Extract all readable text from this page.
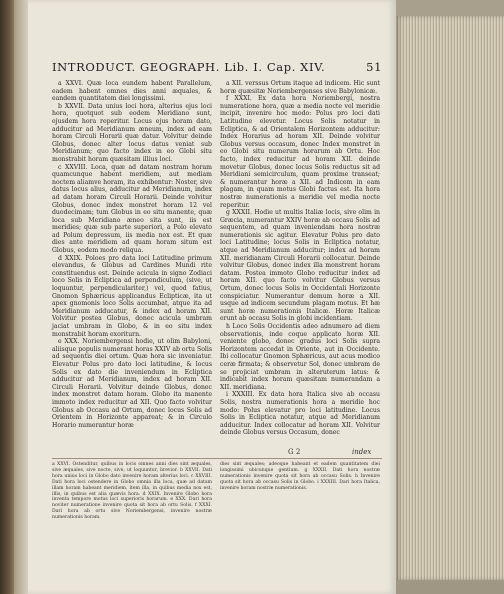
INTRODUCT. GEOGRAPH. Lib. I. Cap. XIV.	51

a XXVI. Quæ loca eundem habent Parallelum, eadem habent omnes dies anni æquales, & eandem quantitatem diei longissimi.

b XXVII. Data unius loci hora, alterius ejus loci hora, quotquot sub eodem Meridiano sunt, ejusdem hora reperitur. Locus ejus horam dato, adducitur ad Meridianum æneum, index ad eam horam Circuli Horarii quæ datur. Volvitur deinde Globus, donec alter locus datus veniat sub Meridianum; quo facto index in eo Globi situ monstrabit horam quæsitam illius loci.

c XXVIII. Loca, quæ ad datam nostram horam quamcunque habent meridiem, aut mediam noctem aliamve horam, ita exhibentur: Noster, sive datus locus alius, adducitur ad Meridianum, index ad datam horam Circuli Horarii. Deinde volvitur Globus, donec index monstret horam 12 vel duodecimam; tum Globus in eo situ manente, quæ loca sub Meridiano æneo sita sunt, iis est meridies; quæ sub parte superiori, a Polo elevato ad Polum depressum, iis media nox est. Et quæ dies ante meridiem ad quam horam situm est Globus, eodem modo reliqua.

d XXIX. Poloes pro data loci Latitudine primum elevandus, & Globus ad Cardines Mundi rite constituendus est. Deinde acicula in signo Zodiaci loco Solis in Ecliptica ad perpendiculum, (sive, ut loquuntur, perpendiculariter,) vel, quod fatius, Gnomon Sphæricus applicandus Eclipticæ, ita ut apex gnomonis loco Solis accumbat, atque ita ad Meridianum adducatur, & index ad horam XII. Volvitur postea Globus, donec acicula umbram jaciat umbram in Globo, & in eo situ index monstrabit horam exoriturn.

e XXX. Noriembergensi hodie, ut olim Babyloni, aliisque populis numerant horas XXIV ab ortu Solis ad sequentis diei ortum. Quæ hora sic inveniatur. Elevatur Polus pro dato loci latitudine, & locus Solis ex dato die inveniendum in Ecliptica adducitur ad Meridianum, index ad horam XII. Circuli Horarii. Volvitur deinde Globus, donec index monstret datam horam. Globo ita manente immoto index reducitur ad XII. Quo facto volvitur Globus ab Occasu ad Ortum, donec locus Solis ad Orientem in Horizonte appareat; & in Circulo Horario numerantur horæ

a XII. verssus Ortum itaque ad indicem. Hic sunt horæ quæsitæ Noriembergenses sive Babylonicæ.

f XXXI. Ex data hora Noriembergi, nostra numeratione hora, quæ a media nocte vel meridie incipit, invenire hoc modo: Polus pro loci dati Latitudine elevetur. Locus Solis notatur in Ecliptica, & ad Orientalem Horizontem adducitur: Index Horarius ad horam XII. Deinde volvitur Globus versus occasum, donec Index monstret in eo Globi situ numerum horarum ab Ortu. Hoc facto, index reducitur ad horam XII. deinde movetur Globus, donec locus Solis reductus sit ad Meridiani semicirculum, quam proxime transeat; & numerantur horæ a XII. ad Indicem in eam plagam, in quam motus Globi factus est. Ita hora nostræ numerationis a meridie vel media nocte reperitur.

g XXXII. Hodie ut multis Italiæ locis, sive olim in Græcia, numerantur XXIV horæ ab occasu Solis ad sequentem, ad quam inveniendam hora nostræ numerationis sic agitur. Elevatur Polus pro dato loci Latitudine; locus Solis in Ecliptica notatur, atque ad Meridianum adducitur; index ad horam XII. meridianam Circuli Horarii collocatur. Deinde volvitur Globus, donec index illa monstrent horam datam. Postea immoto Globo reducitur index ad horam XII. quo facto volvitur Globus versus Ortum, donec locus Solis in Occidentali Horizonte conspiciatur. Numerantur demum horæ a XII. usque ad indicem secundum plagam motus. Et hæ sunt horæ numerationis Italicæ. Horæ Italicæ erunt ab occasu Solis in globi incidentiam.

h Loco Solis Occidentis adeo adnumero ad diem observationis, inde coque applicato horæ XII. veniente globo, donec gradus loci Solis supra Horizontem accedat in Oriente, aut in Occidente. Ibi collocatur Gnomon Sphæricus, aut acus modico ceræ firmata; & observetur Sol, donec umbram de se projiciat umbram in alteruterum latus: & indicabit index horam quæsitam numerandam a XII. meridiana.

i XXXIII. Ex data hora Italica sive ab occasu Solis, nostra numerationis hora a meridie hoc modo: Polus elevatur pro loci latitudine. Locus Solis in Ecliptica notatur, atque ad Meridianum adducitur. Index collocatur ad horam XII. Volvitur deinde Globus versus Occasum, donec

G 2	index
a XXVI. Ostenditur, quibus in locis omnes anni dies sint æquales, sive æquales, sive nocte, sive, ut loquuntur, brevior. b XXVII. Dati hora unius loci in Globo dato invenire horam alterius loci. c XXVIII. Dati hora loci ostendere in Globo omnia illa loca, quæ ad datam illam horam habeant meridiem, item illa, in quibus media nox est, illis, in quibus est alia quævis hora. d XXIX. Invenire Globo hora inventa tempore motus loci superioris horarum. e XXX. Dari hora noviter numeratione invenire quota sit hora ab ortu Solis. f XXXI. Dari hora ab ortu sive Noriembergensi, invenire nostræ numerationis horam.
dies sint æquales; adeoque habeant et eadem quantitatem diei longissimi ubicunque gentium. g XXXII. Dati hora nostræ numerationis invenire quota sit hora ab occasu Solis. h Invenire quota sit hora ab occasu Solis in Globo. i XXXIII. Dari hora Italica, invenire horam nostræ numerationis.
